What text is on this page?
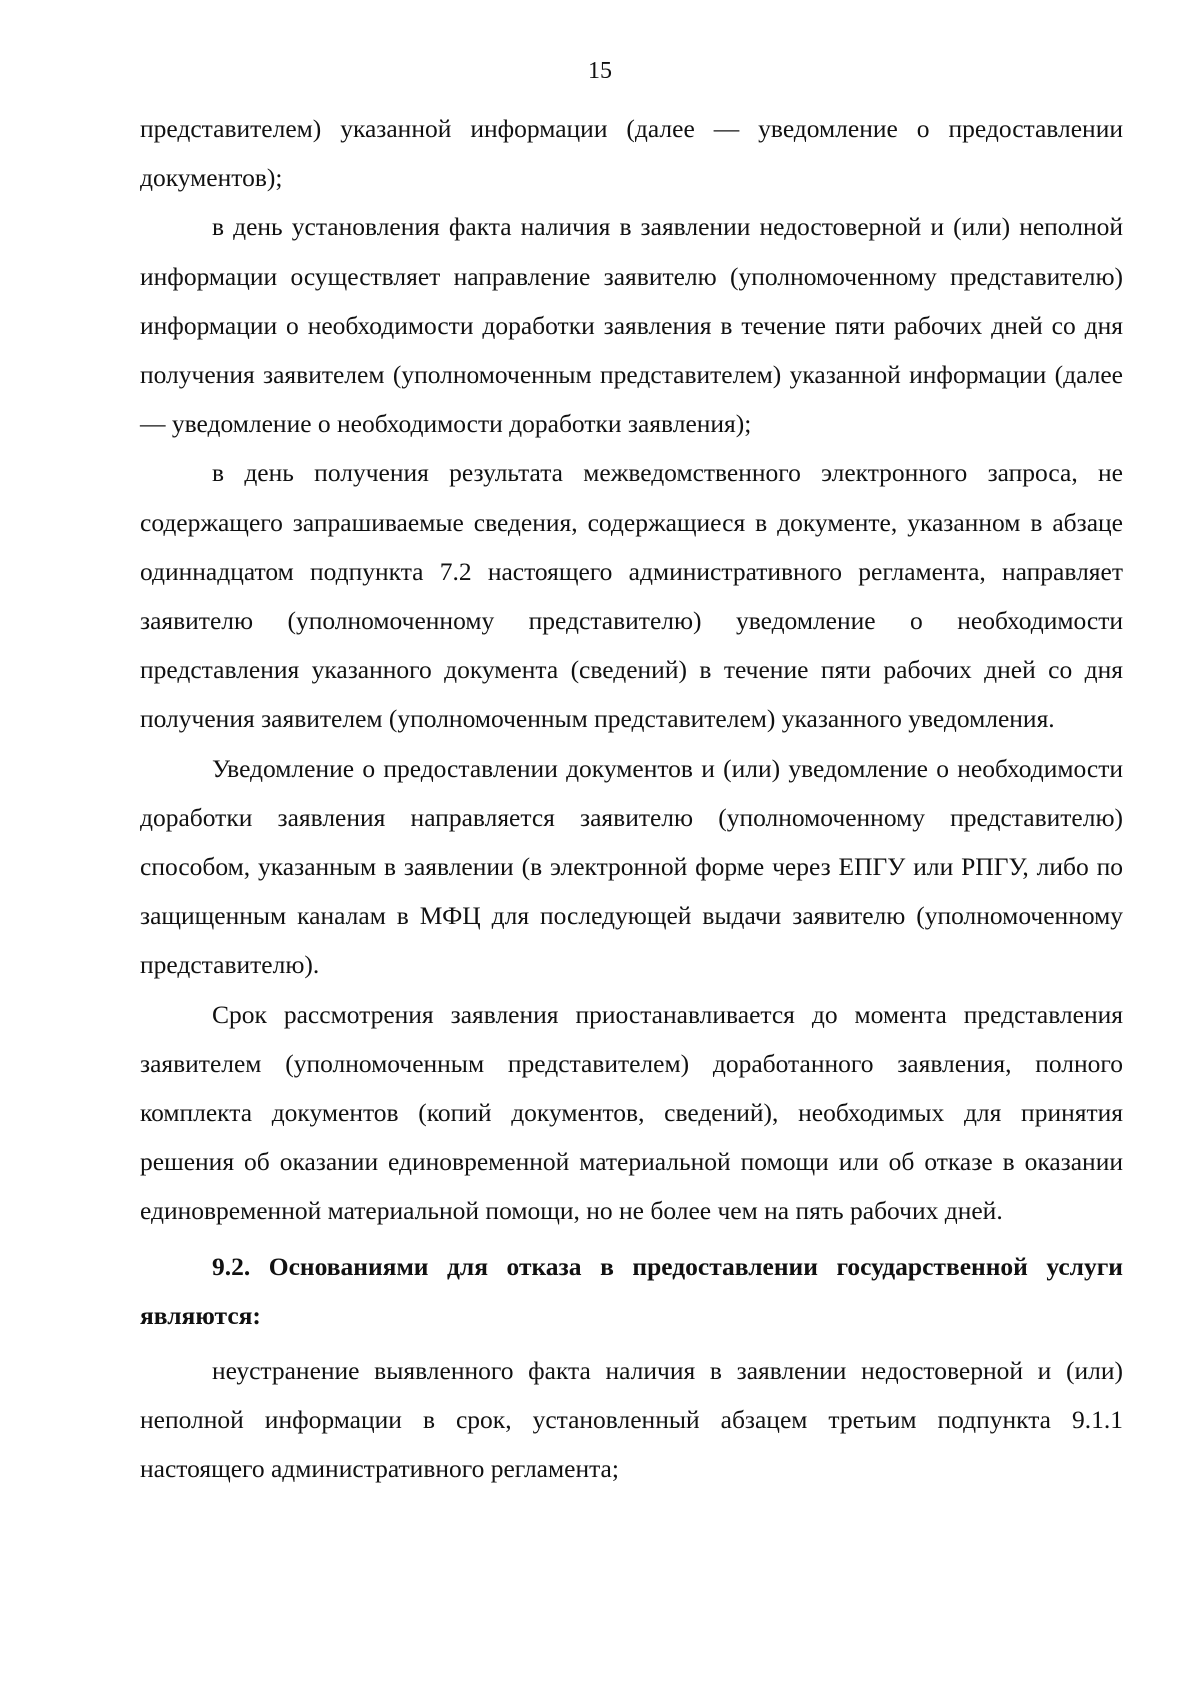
15

представителем) указанной информации (далее — уведомление о предоставлении документов);

в день установления факта наличия в заявлении недостоверной и (или) неполной информации осуществляет направление заявителю (уполномоченному представителю) информации о необходимости доработки заявления в течение пяти рабочих дней со дня получения заявителем (уполномоченным представителем) указанной информации (далее — уведомление о необходимости доработки заявления);

в день получения результата межведомственного электронного запроса, не содержащего запрашиваемые сведения, содержащиеся в документе, указанном в абзаце одиннадцатом подпункта 7.2 настоящего административного регламента, направляет заявителю (уполномоченному представителю) уведомление о необходимости представления указанного документа (сведений) в течение пяти рабочих дней со дня получения заявителем (уполномоченным представителем) указанного уведомления.

Уведомление о предоставлении документов и (или) уведомление о необходимости доработки заявления направляется заявителю (уполномоченному представителю) способом, указанным в заявлении (в электронной форме через ЕПГУ или РПГУ, либо по защищенным каналам в МФЦ для последующей выдачи заявителю (уполномоченному представителю).

Срок рассмотрения заявления приостанавливается до момента представления заявителем (уполномоченным представителем) доработанного заявления, полного комплекта документов (копий документов, сведений), необходимых для принятия решения об оказании единовременной материальной помощи или об отказе в оказании единовременной материальной помощи, но не более чем на пять рабочих дней.

9.2. Основаниями для отказа в предоставлении государственной услуги являются:

неустранение выявленного факта наличия в заявлении недостоверной и (или) неполной информации в срок, установленный абзацем третьим подпункта 9.1.1 настоящего административного регламента;
